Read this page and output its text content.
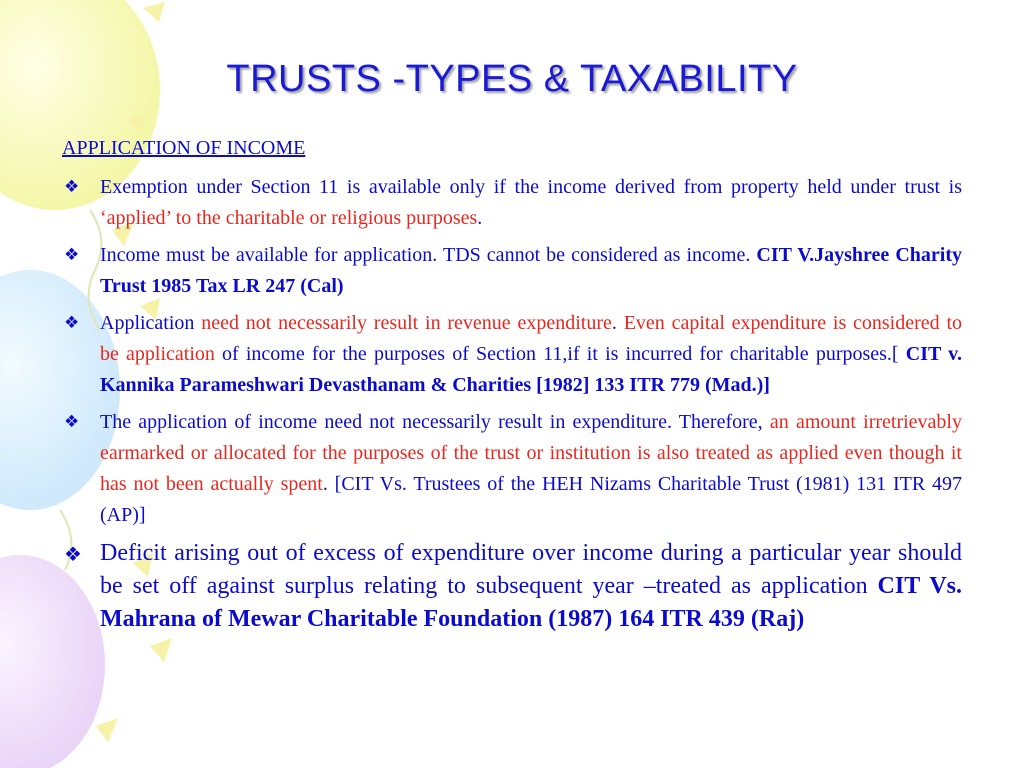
TRUSTS -TYPES & TAXABILITY

APPLICATION OF INCOME

❖ Exemption under Section 11 is available only if the income derived from property held under trust is ‘applied’ to the charitable or religious purposes.
❖ Income must be available for application. TDS cannot be considered as income. CIT V.Jayshree Charity Trust 1985 Tax LR 247 (Cal)
❖ Application need not necessarily result in revenue expenditure. Even capital expenditure is considered to be application of income for the purposes of Section 11,if it is incurred for charitable purposes.[ CIT v. Kannika Parameshwari Devasthanam & Charities [1982] 133 ITR 779 (Mad.)]
❖ The application of income need not necessarily result in expenditure. Therefore, an amount irretrievably earmarked or allocated for the purposes of the trust or institution is also treated as applied even though it has not been actually spent. [CIT Vs. Trustees of the HEH Nizams Charitable Trust (1981) 131 ITR 497 (AP)]
❖ Deficit arising out of excess of expenditure over income during a particular year should be set off against surplus relating to subsequent year –treated as application CIT Vs. Mahrana of Mewar Charitable Foundation (1987) 164 ITR 439 (Raj)
